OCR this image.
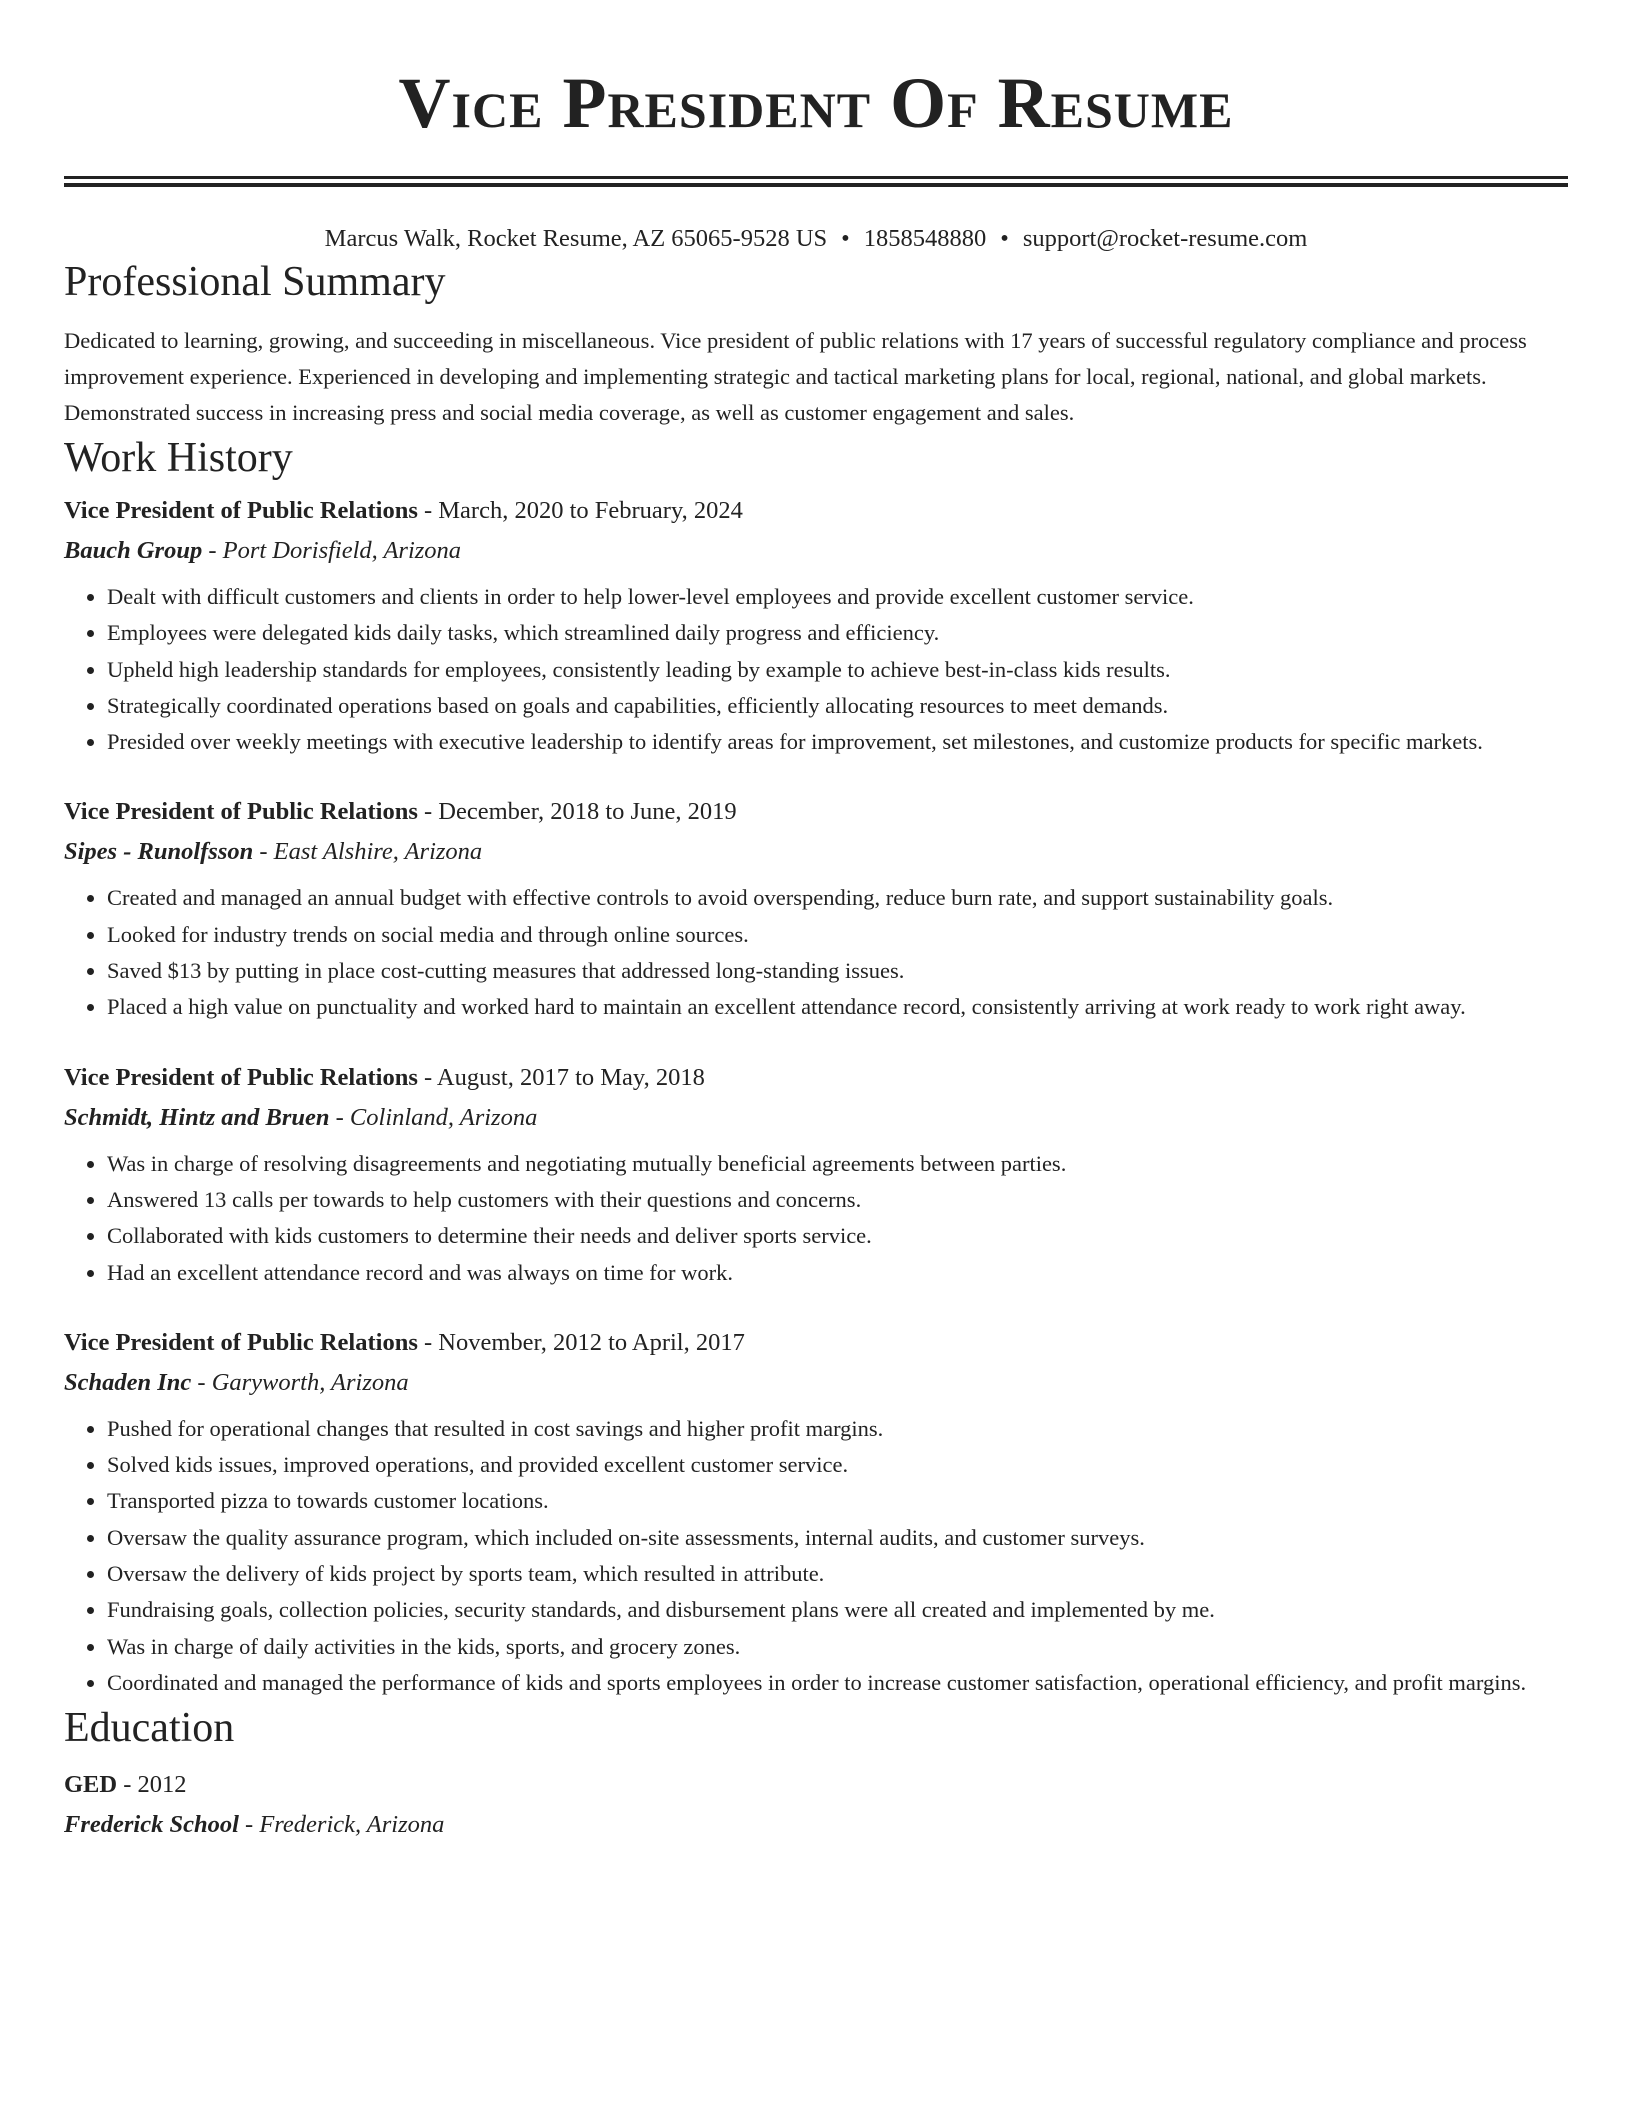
Vice President Of Resume
Marcus Walk, Rocket Resume, AZ 65065-9528 US • 1858548880 • support@rocket-resume.com
Professional Summary

Dedicated to learning, growing, and succeeding in miscellaneous. Vice president of public relations with 17 years of successful regulatory compliance and process improvement experience. Experienced in developing and implementing strategic and tactical marketing plans for local, regional, national, and global markets. Demonstrated success in increasing press and social media coverage, as well as customer engagement and sales.

Work History
Vice President of Public Relations - March, 2020 to February, 2024
Bauch Group - Port Dorisfield, Arizona
• Dealt with difficult customers and clients in order to help lower-level employees and provide excellent customer service.
• Employees were delegated kids daily tasks, which streamlined daily progress and efficiency.
• Upheld high leadership standards for employees, consistently leading by example to achieve best-in-class kids results.
• Strategically coordinated operations based on goals and capabilities, efficiently allocating resources to meet demands.
• Presided over weekly meetings with executive leadership to identify areas for improvement, set milestones, and customize products for specific markets.
Vice President of Public Relations - December, 2018 to June, 2019
Sipes - Runolfsson - East Alshire, Arizona
• Created and managed an annual budget with effective controls to avoid overspending, reduce burn rate, and support sustainability goals.
• Looked for industry trends on social media and through online sources.
• Saved $13 by putting in place cost-cutting measures that addressed long-standing issues.
• Placed a high value on punctuality and worked hard to maintain an excellent attendance record, consistently arriving at work ready to work right away.
Vice President of Public Relations - August, 2017 to May, 2018
Schmidt, Hintz and Bruen - Colinland, Arizona
• Was in charge of resolving disagreements and negotiating mutually beneficial agreements between parties.
• Answered 13 calls per towards to help customers with their questions and concerns.
• Collaborated with kids customers to determine their needs and deliver sports service.
• Had an excellent attendance record and was always on time for work.
Vice President of Public Relations - November, 2012 to April, 2017
Schaden Inc - Garyworth, Arizona
• Pushed for operational changes that resulted in cost savings and higher profit margins.
• Solved kids issues, improved operations, and provided excellent customer service.
• Transported pizza to towards customer locations.
• Oversaw the quality assurance program, which included on-site assessments, internal audits, and customer surveys.
• Oversaw the delivery of kids project by sports team, which resulted in attribute.
• Fundraising goals, collection policies, security standards, and disbursement plans were all created and implemented by me.
• Was in charge of daily activities in the kids, sports, and grocery zones.
• Coordinated and managed the performance of kids and sports employees in order to increase customer satisfaction, operational efficiency, and profit margins.
Education
GED - 2012
Frederick School - Frederick, Arizona
